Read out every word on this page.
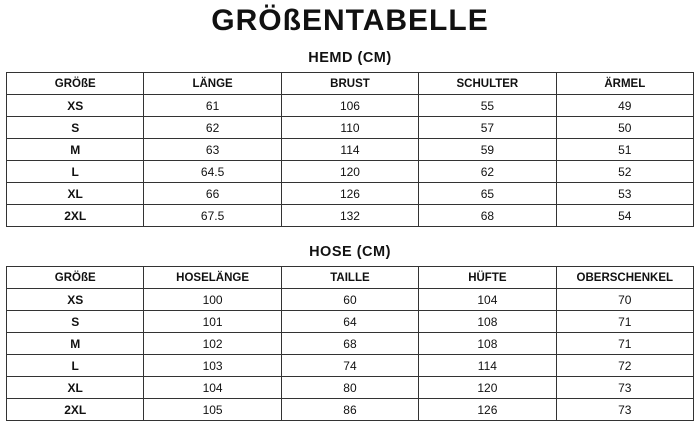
GRÖßENTABELLE
HEMD (CM)
GRÖßE	LÄNGE	BRUST	SCHULTER	ÄRMEL
XS	61	106	55	49
S	62	110	57	50
M	63	114	59	51
L	64.5	120	62	52
XL	66	126	65	53
2XL	67.5	132	68	54
HOSE (CM)
GRÖßE	HOSELÄNGE	TAILLE	HÜFTE	OBERSCHENKEL
XS	100	60	104	70
S	101	64	108	71
M	102	68	108	71
L	103	74	114	72
XL	104	80	120	73
2XL	105	86	126	73
